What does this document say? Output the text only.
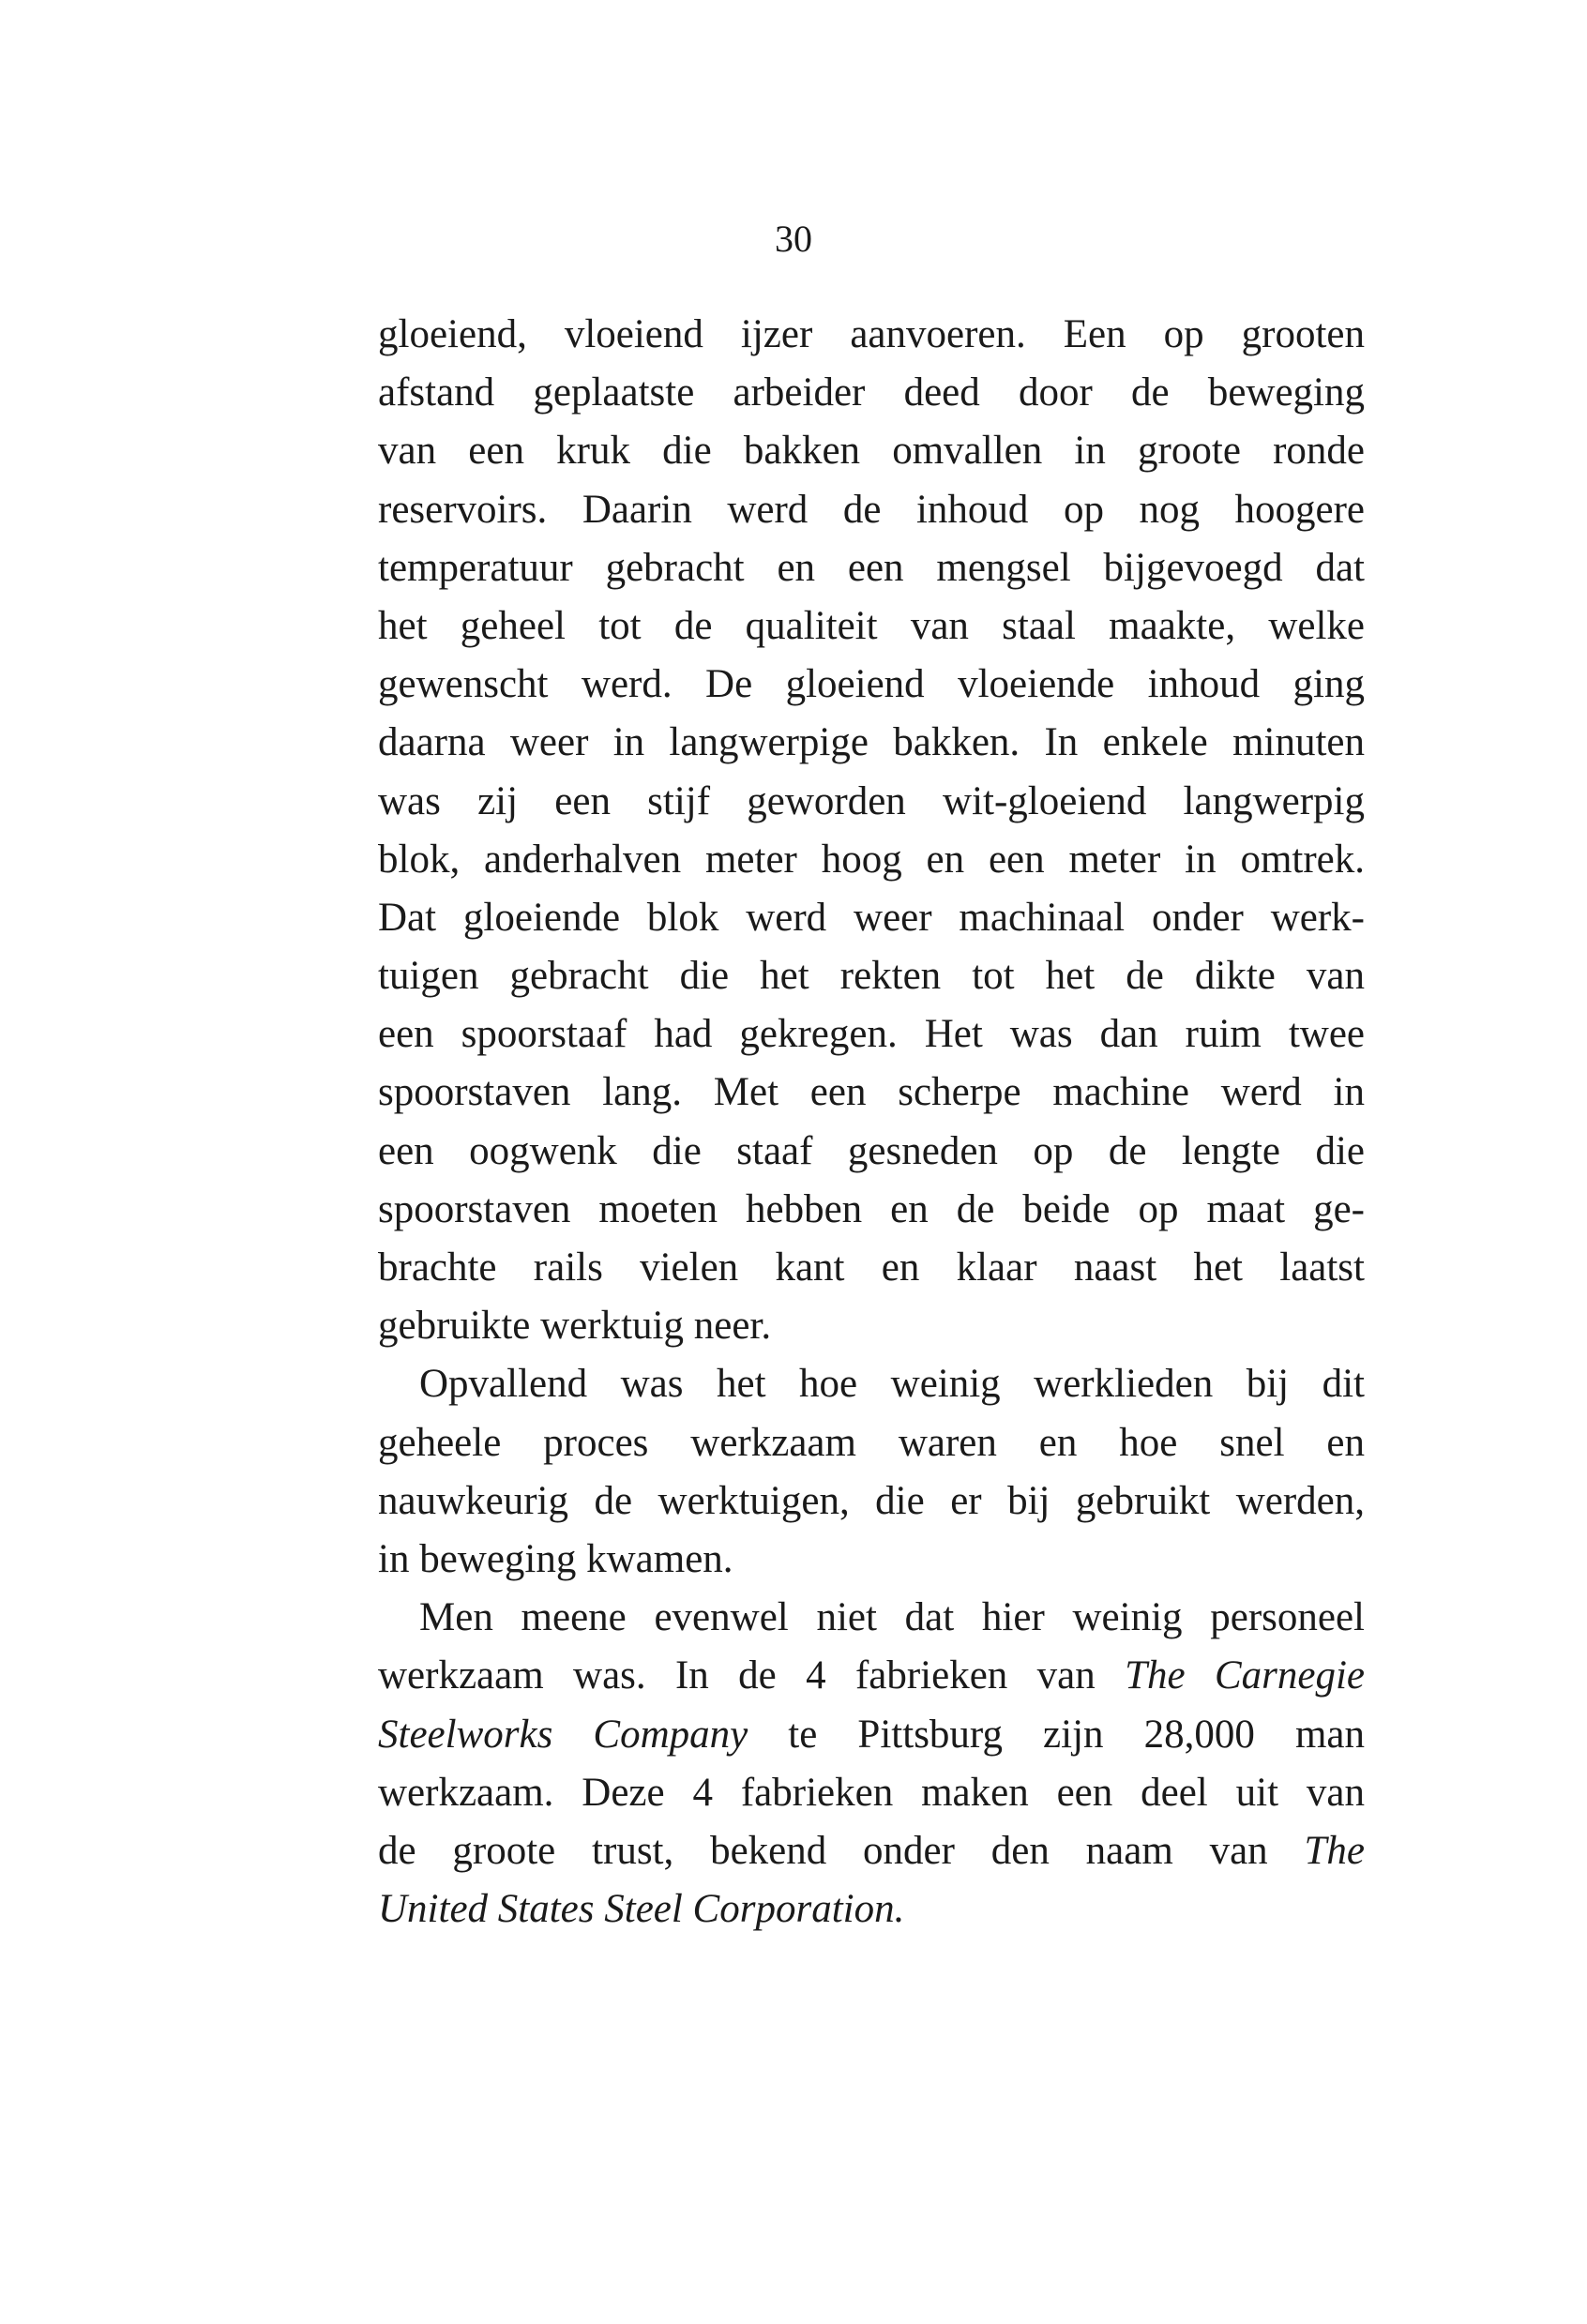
30
gloeiend, vloeiend ijzer aanvoeren. Een op grooten
afstand geplaatste arbeider deed door de beweging
van een kruk die bakken omvallen in groote ronde
reservoirs. Daarin werd de inhoud op nog hoogere
temperatuur gebracht en een mengsel bijgevoegd dat
het geheel tot de qualiteit van staal maakte, welke
gewenscht werd. De gloeiend vloeiende inhoud ging
daarna weer in langwerpige bakken. In enkele minuten
was zij een stijf geworden wit-gloeiend langwerpig
blok, anderhalven meter hoog en een meter in omtrek.
Dat gloeiende blok werd weer machinaal onder werk-
tuigen gebracht die het rekten tot het de dikte van
een spoorstaaf had gekregen. Het was dan ruim twee
spoorstaven lang. Met een scherpe machine werd in
een oogwenk die staaf gesneden op de lengte die
spoorstaven moeten hebben en de beide op maat ge-
brachte rails vielen kant en klaar naast het laatst
gebruikte werktuig neer.
Opvallend was het hoe weinig werklieden bij dit
geheele proces werkzaam waren en hoe snel en
nauwkeurig de werktuigen, die er bij gebruikt werden,
in beweging kwamen.
Men meene evenwel niet dat hier weinig personeel
werkzaam was. In de 4 fabrieken van The Carnegie
Steelworks Company te Pittsburg zijn 28,000 man
werkzaam. Deze 4 fabrieken maken een deel uit van
de groote trust, bekend onder den naam van The
United States Steel Corporation.
